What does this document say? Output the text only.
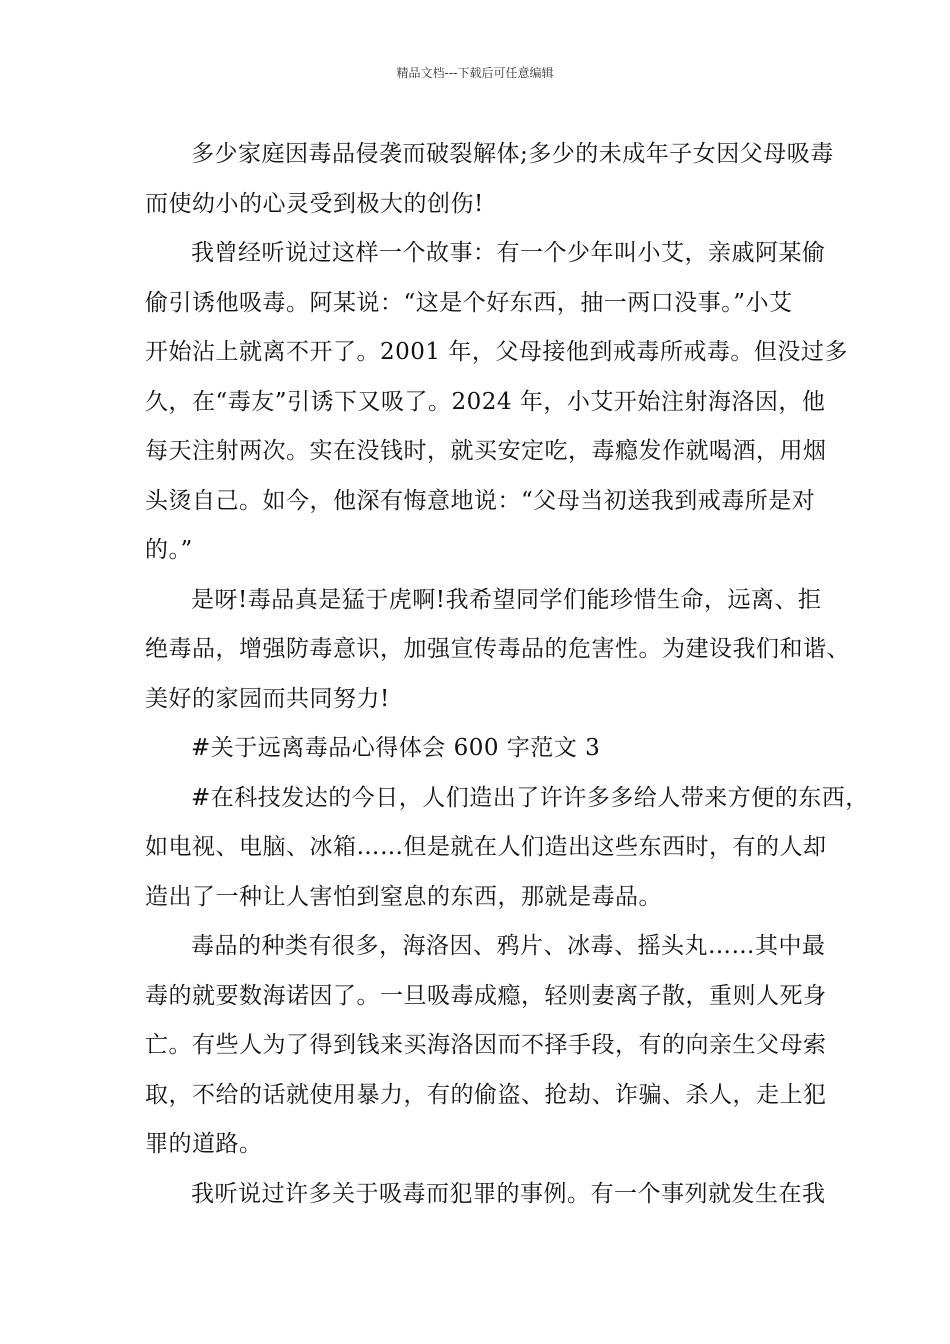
精品文档---下载后可任意编辑
多少家庭因毒品侵袭而破裂解体;多少的未成年子女因父母吸毒
而使幼小的心灵受到极大的创伤!
我曾经听说过这样一个故事：有一个少年叫小艾，亲戚阿某偷
偷引诱他吸毒。阿某说：“这是个好东西，抽一两口没事。”小艾
开始沾上就离不开了。2001 年，父母接他到戒毒所戒毒。但没过多
久，在“毒友”引诱下又吸了。2024 年，小艾开始注射海洛因，他
每天注射两次。实在没钱时，就买安定吃，毒瘾发作就喝酒，用烟
头烫自己。如今，他深有悔意地说：“父母当初送我到戒毒所是对
的。”
是呀!毒品真是猛于虎啊!我希望同学们能珍惜生命，远离、拒
绝毒品，增强防毒意识，加强宣传毒品的危害性。为建设我们和谐、
美好的家园而共同努力!
#关于远离毒品心得体会 600 字范文 3
#在科技发达的今日，人们造出了许许多多给人带来方便的东西，
如电视、电脑、冰箱……但是就在人们造出这些东西时，有的人却
造出了一种让人害怕到窒息的东西，那就是毒品。
毒品的种类有很多，海洛因、鸦片、冰毒、摇头丸……其中最
毒的就要数海诺因了。一旦吸毒成瘾，轻则妻离子散，重则人死身
亡。有些人为了得到钱来买海洛因而不择手段，有的向亲生父母索
取，不给的话就使用暴力，有的偷盗、抢劫、诈骗、杀人，走上犯
罪的道路。
我听说过许多关于吸毒而犯罪的事例。有一个事列就发生在我
